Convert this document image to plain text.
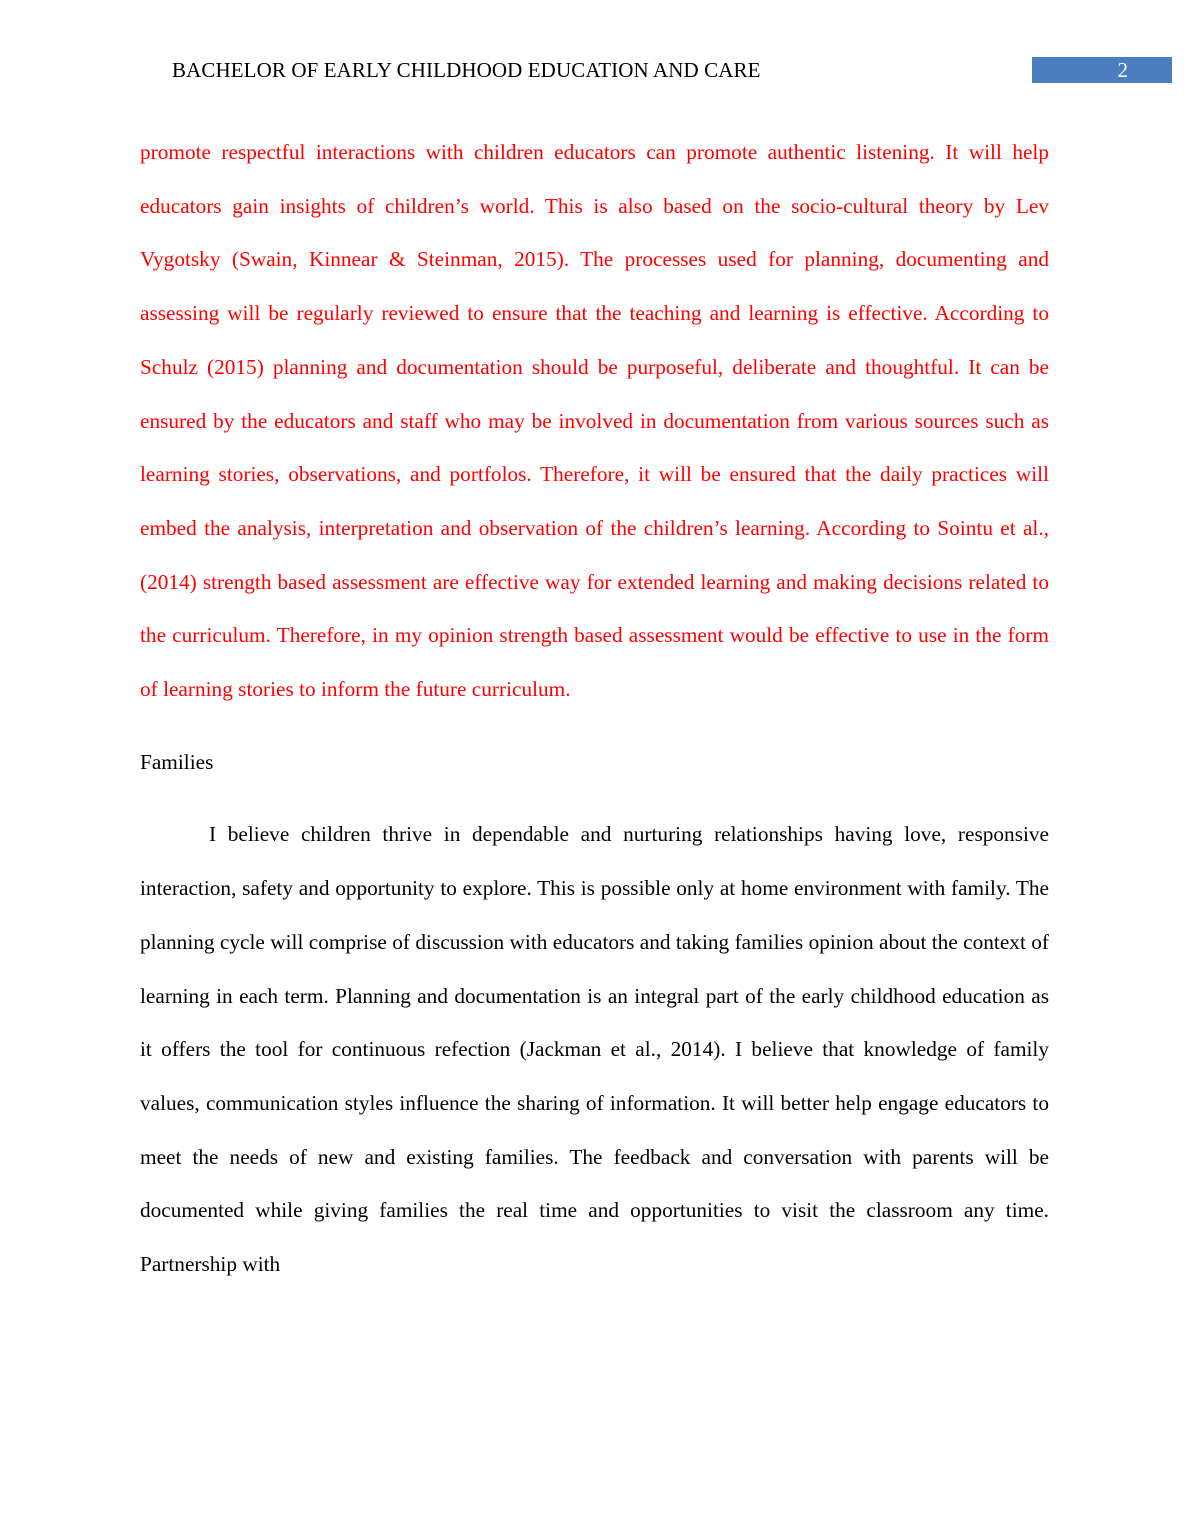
BACHELOR OF EARLY CHILDHOOD EDUCATION AND CARE	2

promote respectful interactions with children educators can promote authentic listening. It will help educators gain insights of children’s world. This is also based on the socio-cultural theory by Lev Vygotsky (Swain, Kinnear & Steinman, 2015). The processes used for planning, documenting and assessing will be regularly reviewed to ensure that the teaching and learning is effective. According to Schulz (2015) planning and documentation should be purposeful, deliberate and thoughtful. It can be ensured by the educators and staff who may be involved in documentation from various sources such as learning stories, observations, and portfolos. Therefore, it will be ensured that the daily practices will embed the analysis, interpretation and observation of the children’s learning. According to Sointu et al., (2014) strength based assessment are effective way for extended learning and making decisions related to the curriculum. Therefore, in my opinion strength based assessment would be effective to use in the form of learning stories to inform the future curriculum.

Families

I believe children thrive in dependable and nurturing relationships having love, responsive interaction, safety and opportunity to explore. This is possible only at home environment with family. The planning cycle will comprise of discussion with educators and taking families opinion about the context of learning in each term. Planning and documentation is an integral part of the early childhood education as it offers the tool for continuous refection (Jackman et al., 2014). I believe that knowledge of family values, communication styles influence the sharing of information. It will better help engage educators to meet the needs of new and existing families. The feedback and conversation with parents will be documented while giving families the real time and opportunities to visit the classroom any time. Partnership with
